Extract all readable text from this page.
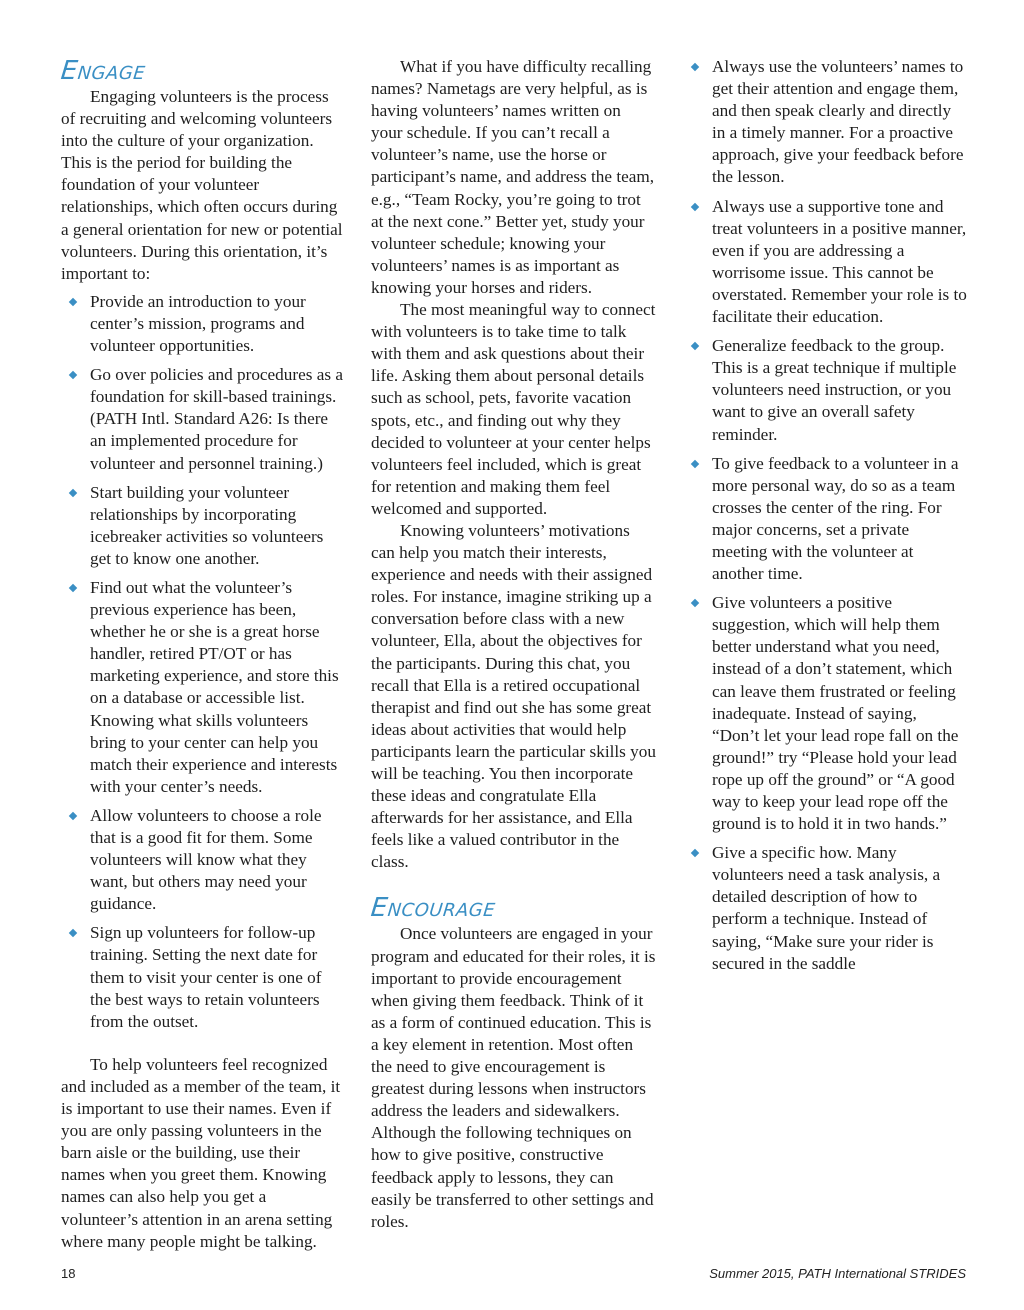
Engage

Engaging volunteers is the process of recruiting and welcoming volunteers into the culture of your organization. This is the period for building the foundation of your volunteer relationships, which often occurs during a general orientation for new or potential volunteers. During this orientation, it’s important to:

Provide an introduction to your center’s mission, programs and volunteer opportunities.
Go over policies and procedures as a foundation for skill-based trainings. (PATH Intl. Standard A26: Is there an implemented procedure for volunteer and personnel training.)
Start building your volunteer relationships by incorporating icebreaker activities so volunteers get to know one another.
Find out what the volunteer’s previous experience has been, whether he or she is a great horse handler, retired PT/OT or has marketing experience, and store this on a database or accessible list. Knowing what skills volunteers bring to your center can help you match their experience and interests with your center’s needs.
Allow volunteers to choose a role that is a good fit for them. Some volunteers will know what they want, but others may need your guidance.
Sign up volunteers for follow-up training. Setting the next date for them to visit your center is one of the best ways to retain volunteers from the outset.

To help volunteers feel recognized and included as a member of the team, it is important to use their names. Even if you are only passing volunteers in the barn aisle or the building, use their names when you greet them. Knowing names can also help you get a volunteer’s attention in an arena setting where many people might be talking.

What if you have difficulty recalling names? Nametags are very helpful, as is having volunteers’ names written on your schedule. If you can’t recall a volunteer’s name, use the horse or participant’s name, and address the team, e.g., “Team Rocky, you’re going to trot at the next cone.” Better yet, study your volunteer schedule; knowing your volunteers’ names is as important as knowing your horses and riders.

The most meaningful way to connect with volunteers is to take time to talk with them and ask questions about their life. Asking them about personal details such as school, pets, favorite vacation spots, etc., and finding out why they decided to volunteer at your center helps volunteers feel included, which is great for retention and making them feel welcomed and supported.

Knowing volunteers’ motivations can help you match their interests, experience and needs with their assigned roles. For instance, imagine striking up a conversation before class with a new volunteer, Ella, about the objectives for the participants. During this chat, you recall that Ella is a retired occupational therapist and find out she has some great ideas about activities that would help participants learn the particular skills you will be teaching. You then incorporate these ideas and congratulate Ella afterwards for her assistance, and Ella feels like a valued contributor in the class.

Encourage

Once volunteers are engaged in your program and educated for their roles, it is important to provide encouragement when giving them feedback. Think of it as a form of continued education. This is a key element in retention. Most often the need to give encouragement is greatest during lessons when instructors address the leaders and sidewalkers. Although the following techniques on how to give positive, constructive feedback apply to lessons, they can easily be transferred to other settings and roles.

Always use the volunteers’ names to get their attention and engage them, and then speak clearly and directly in a timely manner. For a proactive approach, give your feedback before the lesson.
Always use a supportive tone and treat volunteers in a positive manner, even if you are addressing a worrisome issue. This cannot be overstated. Remember your role is to facilitate their education.
Generalize feedback to the group. This is a great technique if multiple volunteers need instruction, or you want to give an overall safety reminder.
To give feedback to a volunteer in a more personal way, do so as a team crosses the center of the ring. For major concerns, set a private meeting with the volunteer at another time.
Give volunteers a positive suggestion, which will help them better understand what you need, instead of a don’t statement, which can leave them frustrated or feeling inadequate. Instead of saying, “Don’t let your lead rope fall on the ground!” try “Please hold your lead rope up off the ground” or “A good way to keep your lead rope off the ground is to hold it in two hands.”
Give a specific how. Many volunteers need a task analysis, a detailed description of how to perform a technique. Instead of saying, “Make sure your rider is secured in the saddle
18	Summer 2015, PATH International STRIDES
